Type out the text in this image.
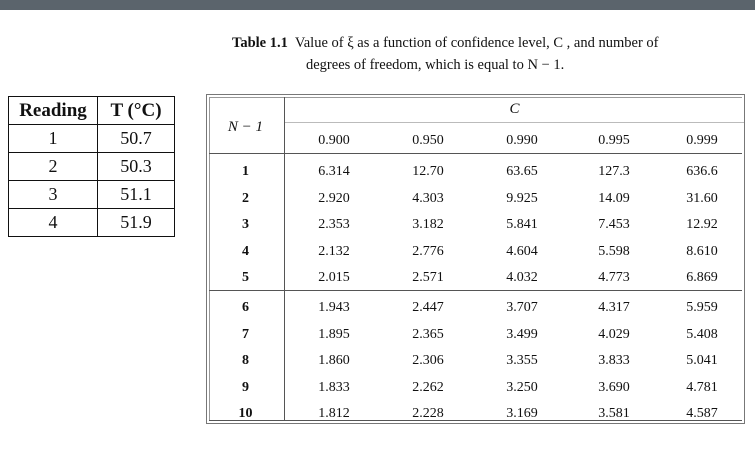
Reading	T (°C)
1	50.7
2	50.3
3	51.1
4	51.9
Table 1.1 Value of ξ as a function of confidence level, C , and number of
degrees of freedom, which is equal to N − 1.
C
N − 1
0.900	0.950	0.990	0.995	0.999
1	6.314	12.70	63.65	127.3	636.6
2	2.920	4.303	9.925	14.09	31.60
3	2.353	3.182	5.841	7.453	12.92
4	2.132	2.776	4.604	5.598	8.610
5	2.015	2.571	4.032	4.773	6.869
6	1.943	2.447	3.707	4.317	5.959
7	1.895	2.365	3.499	4.029	5.408
8	1.860	2.306	3.355	3.833	5.041
9	1.833	2.262	3.250	3.690	4.781
10	1.812	2.228	3.169	3.581	4.587
